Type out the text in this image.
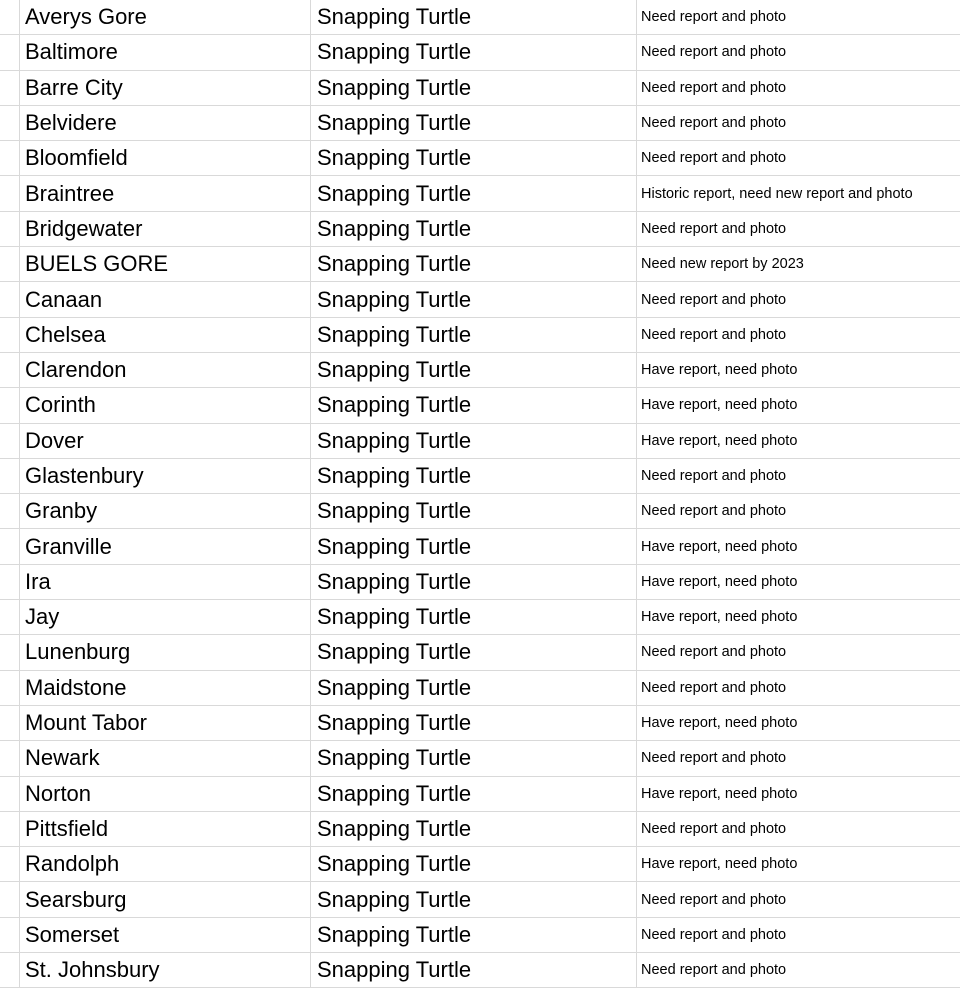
Averys Gore	Snapping Turtle	Need report and photo
Baltimore	Snapping Turtle	Need report and photo
Barre City	Snapping Turtle	Need report and photo
Belvidere	Snapping Turtle	Need report and photo
Bloomfield	Snapping Turtle	Need report and photo
Braintree	Snapping Turtle	Historic report, need new report and photo
Bridgewater	Snapping Turtle	Need report and photo
BUELS GORE	Snapping Turtle	Need new report by 2023
Canaan	Snapping Turtle	Need report and photo
Chelsea	Snapping Turtle	Need report and photo
Clarendon	Snapping Turtle	Have report, need photo
Corinth	Snapping Turtle	Have report, need photo
Dover	Snapping Turtle	Have report, need photo
Glastenbury	Snapping Turtle	Need report and photo
Granby	Snapping Turtle	Need report and photo
Granville	Snapping Turtle	Have report, need photo
Ira	Snapping Turtle	Have report, need photo
Jay	Snapping Turtle	Have report, need photo
Lunenburg	Snapping Turtle	Need report and photo
Maidstone	Snapping Turtle	Need report and photo
Mount Tabor	Snapping Turtle	Have report, need photo
Newark	Snapping Turtle	Need report and photo
Norton	Snapping Turtle	Have report, need photo
Pittsfield	Snapping Turtle	Need report and photo
Randolph	Snapping Turtle	Have report, need photo
Searsburg	Snapping Turtle	Need report and photo
Somerset	Snapping Turtle	Need report and photo
St. Johnsbury	Snapping Turtle	Need report and photo
